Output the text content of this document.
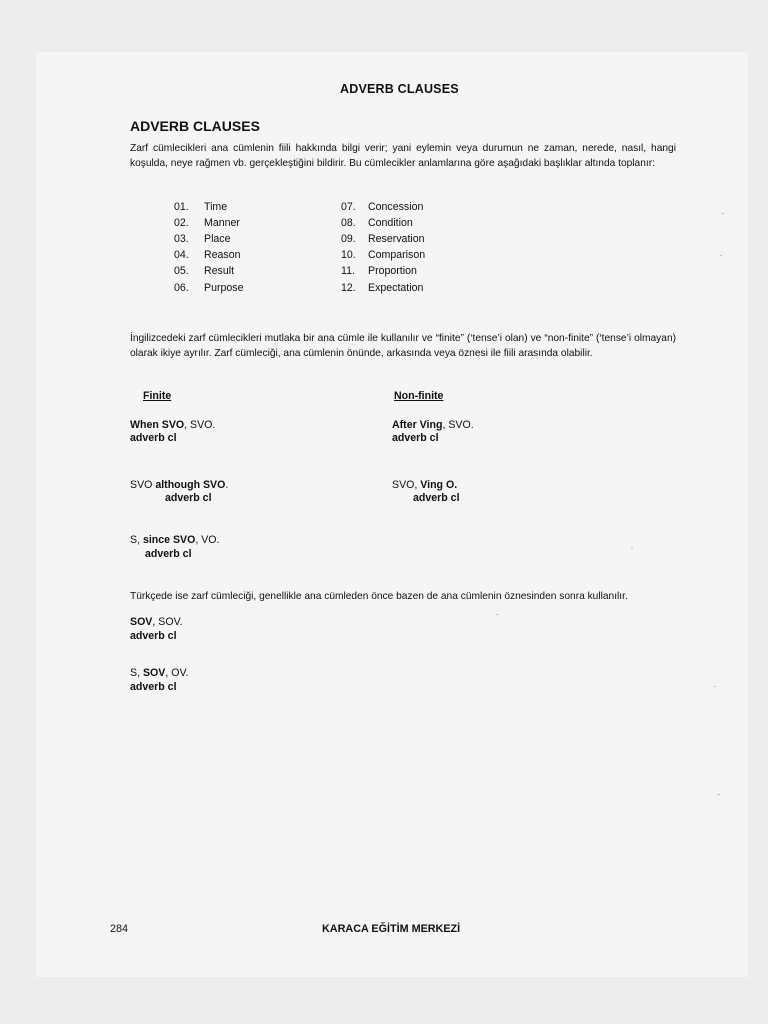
ADVERB CLAUSES
ADVERB CLAUSES
Zarf cümlecikleri ana cümlenin fiili hakkında bilgi verir; yani eylemin veya durumun ne zaman, nerede, nasıl, hangi koşulda, neye rağmen vb. gerçekleştiğini bildirir. Bu cümlecikler anlamlarına göre aşağıdaki başlıklar altında toplanır:
01. Time
02. Manner
03. Place
04. Reason
05. Result
06. Purpose
07. Concession
08. Condition
09. Reservation
10. Comparison
11. Proportion
12. Expectation
İngilizcedeki zarf cümlecikleri mutlaka bir ana cümle ile kullanılır ve “finite” (‘tense’i olan) ve “non-finite” (‘tense’i olmayan) olarak ikiye ayrılır. Zarf cümleciği, ana cümlenin önünde, arkasında veya öznesi ile fiili arasında olabilir.
Finite	Non-finite
When SVO, SVO.
adverb cl
SVO although SVO.
adverb cl
S, since SVO, VO.
adverb cl
After Ving, SVO.
adverb cl
SVO, Ving O.
adverb cl
Türkçede ise zarf cümleciği, genellikle ana cümleden önce bazen de ana cümlenin öznesinden sonra kullanılır.
SOV, SOV.
adverb cl
S, SOV, OV.
adverb cl
284	KARACA EĞİTİM MERKEZİ
